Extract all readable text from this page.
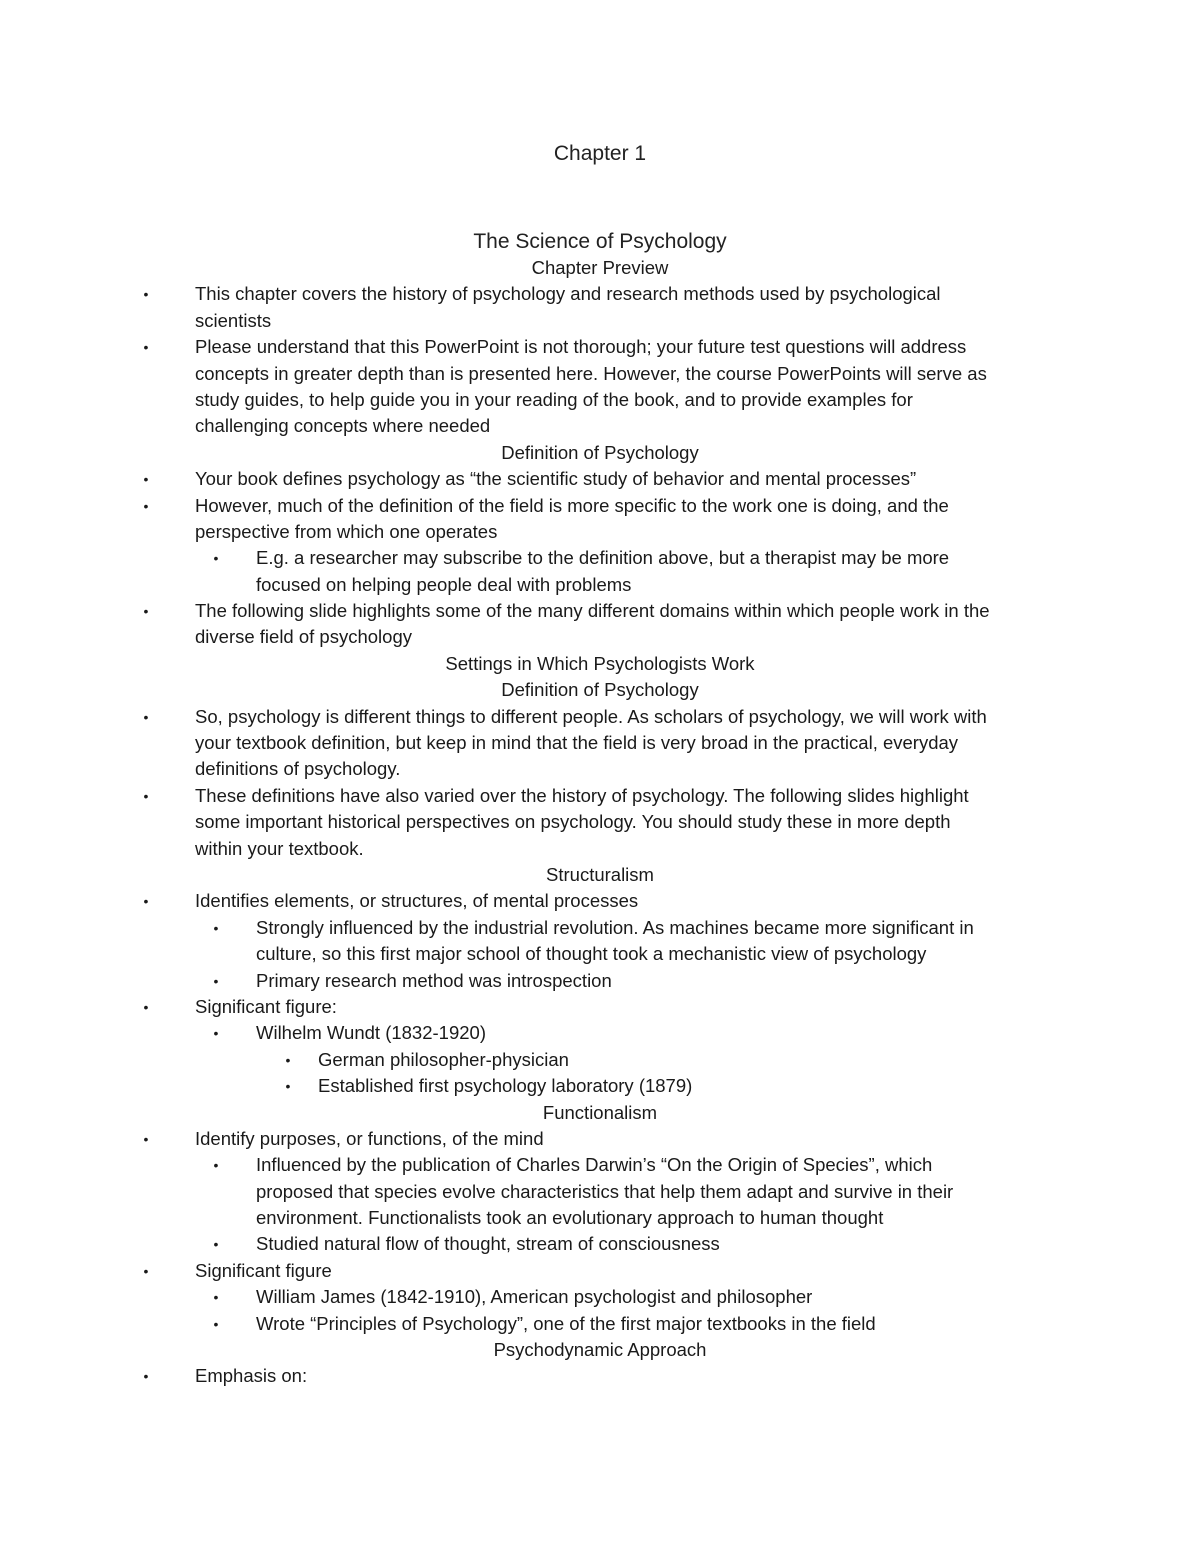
Chapter 1
The Science of Psychology
Chapter Preview
•	This chapter covers the history of psychology and research methods used by psychological
scientists
•	Please understand that this PowerPoint is not thorough; your future test questions will address
concepts in greater depth than is presented here. However, the course PowerPoints will serve as
study guides, to help guide you in your reading of the book, and to provide examples for
challenging concepts where needed
Definition of Psychology
•	Your book defines psychology as “the scientific study of behavior and mental processes”
•	However, much of the definition of the field is more specific to the work one is doing, and the
perspective from which one operates
• E.g. a researcher may subscribe to the definition above, but a therapist may be more
focused on helping people deal with problems
•	The following slide highlights some of the many different domains within which people work in the
diverse field of psychology
Settings in Which Psychologists Work
Definition of Psychology
•	So, psychology is different things to different people. As scholars of psychology, we will work with
your textbook definition, but keep in mind that the field is very broad in the practical, everyday
definitions of psychology.
•	These definitions have also varied over the history of psychology. The following slides highlight
some important historical perspectives on psychology. You should study these in more depth
within your textbook.
Structuralism
•	Identifies elements, or structures, of mental processes
• Strongly influenced by the industrial revolution. As machines became more significant in
culture, so this first major school of thought took a mechanistic view of psychology
• Primary research method was introspection
•	Significant figure:
• Wilhelm Wundt (1832-1920)
• German philosopher-physician
• Established first psychology laboratory (1879)
Functionalism
•	Identify purposes, or functions, of the mind
• Influenced by the publication of Charles Darwin’s “On the Origin of Species”, which
proposed that species evolve characteristics that help them adapt and survive in their
environment. Functionalists took an evolutionary approach to human thought
• Studied natural flow of thought, stream of consciousness
•	Significant figure
• William James (1842-1910), American psychologist and philosopher
• Wrote “Principles of Psychology”, one of the first major textbooks in the field
Psychodynamic Approach
•	Emphasis on:
